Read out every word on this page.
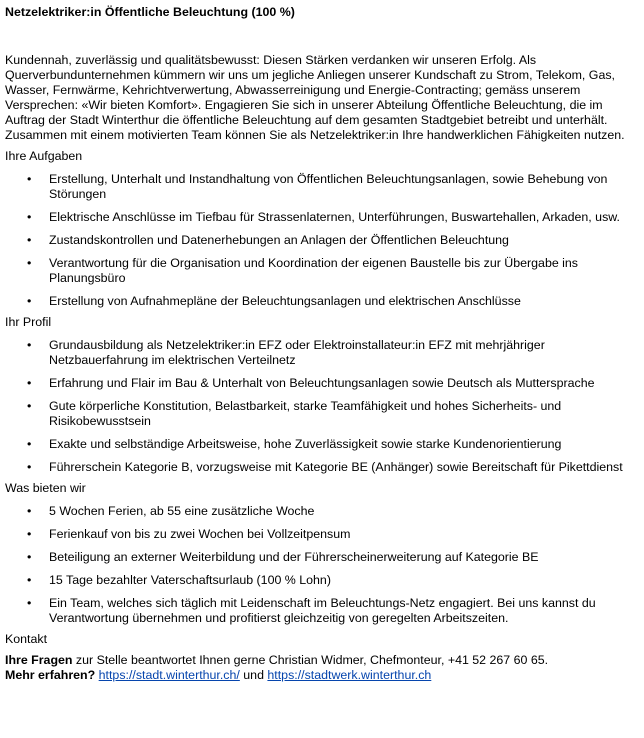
Netzelektriker:in Öffentliche Beleuchtung (100 %)

Kundennah, zuverlässig und qualitätsbewusst: Diesen Stärken verdanken wir unseren Erfolg. Als Querverbundunternehmen kümmern wir uns um jegliche Anliegen unserer Kundschaft zu Strom, Telekom, Gas, Wasser, Fernwärme, Kehrichtverwertung, Abwasserreinigung und Energie-Contracting; gemäss unserem Versprechen: «Wir bieten Komfort». Engagieren Sie sich in unserer Abteilung Öffentliche Beleuchtung, die im Auftrag der Stadt Winterthur die öffentliche Beleuchtung auf dem gesamten Stadtgebiet betreibt und unterhält. Zusammen mit einem motivierten Team können Sie als Netzelektriker:in Ihre handwerklichen Fähigkeiten nutzen.

Ihre Aufgaben

• Erstellung, Unterhalt und Instandhaltung von Öffentlichen Beleuchtungsanlagen, sowie Behebung von Störungen
• Elektrische Anschlüsse im Tiefbau für Strassenlaternen, Unterführungen, Buswartehallen, Arkaden, usw.
• Zustandskontrollen und Datenerhebungen an Anlagen der Öffentlichen Beleuchtung
• Verantwortung für die Organisation und Koordination der eigenen Baustelle bis zur Übergabe ins Planungsbüro
• Erstellung von Aufnahmepläne der Beleuchtungsanlagen und elektrischen Anschlüsse

Ihr Profil

• Grundausbildung als Netzelektriker:in EFZ oder Elektroinstallateur:in EFZ mit mehrjähriger Netzbauerfahrung im elektrischen Verteilnetz
• Erfahrung und Flair im Bau & Unterhalt von Beleuchtungsanlagen sowie Deutsch als Muttersprache
• Gute körperliche Konstitution, Belastbarkeit, starke Teamfähigkeit und hohes Sicherheits- und Risikobewusstsein
• Exakte und selbständige Arbeitsweise, hohe Zuverlässigkeit sowie starke Kundenorientierung
• Führerschein Kategorie B, vorzugsweise mit Kategorie BE (Anhänger) sowie Bereitschaft für Pikettdienst

Was bieten wir

• 5 Wochen Ferien, ab 55 eine zusätzliche Woche
• Ferienkauf von bis zu zwei Wochen bei Vollzeitpensum
• Beteiligung an externer Weiterbildung und der Führerscheinerweiterung auf Kategorie BE
• 15 Tage bezahlter Vaterschaftsurlaub (100 % Lohn)
• Ein Team, welches sich täglich mit Leidenschaft im Beleuchtungs-Netz engagiert. Bei uns kannst du Verantwortung übernehmen und profitierst gleichzeitig von geregelten Arbeitszeiten.

Kontakt

Ihre Fragen zur Stelle beantwortet Ihnen gerne Christian Widmer, Chefmonteur, +41 52 267 60 65.

Mehr erfahren? https://stadt.winterthur.ch/ und https://stadtwerk.winterthur.ch
